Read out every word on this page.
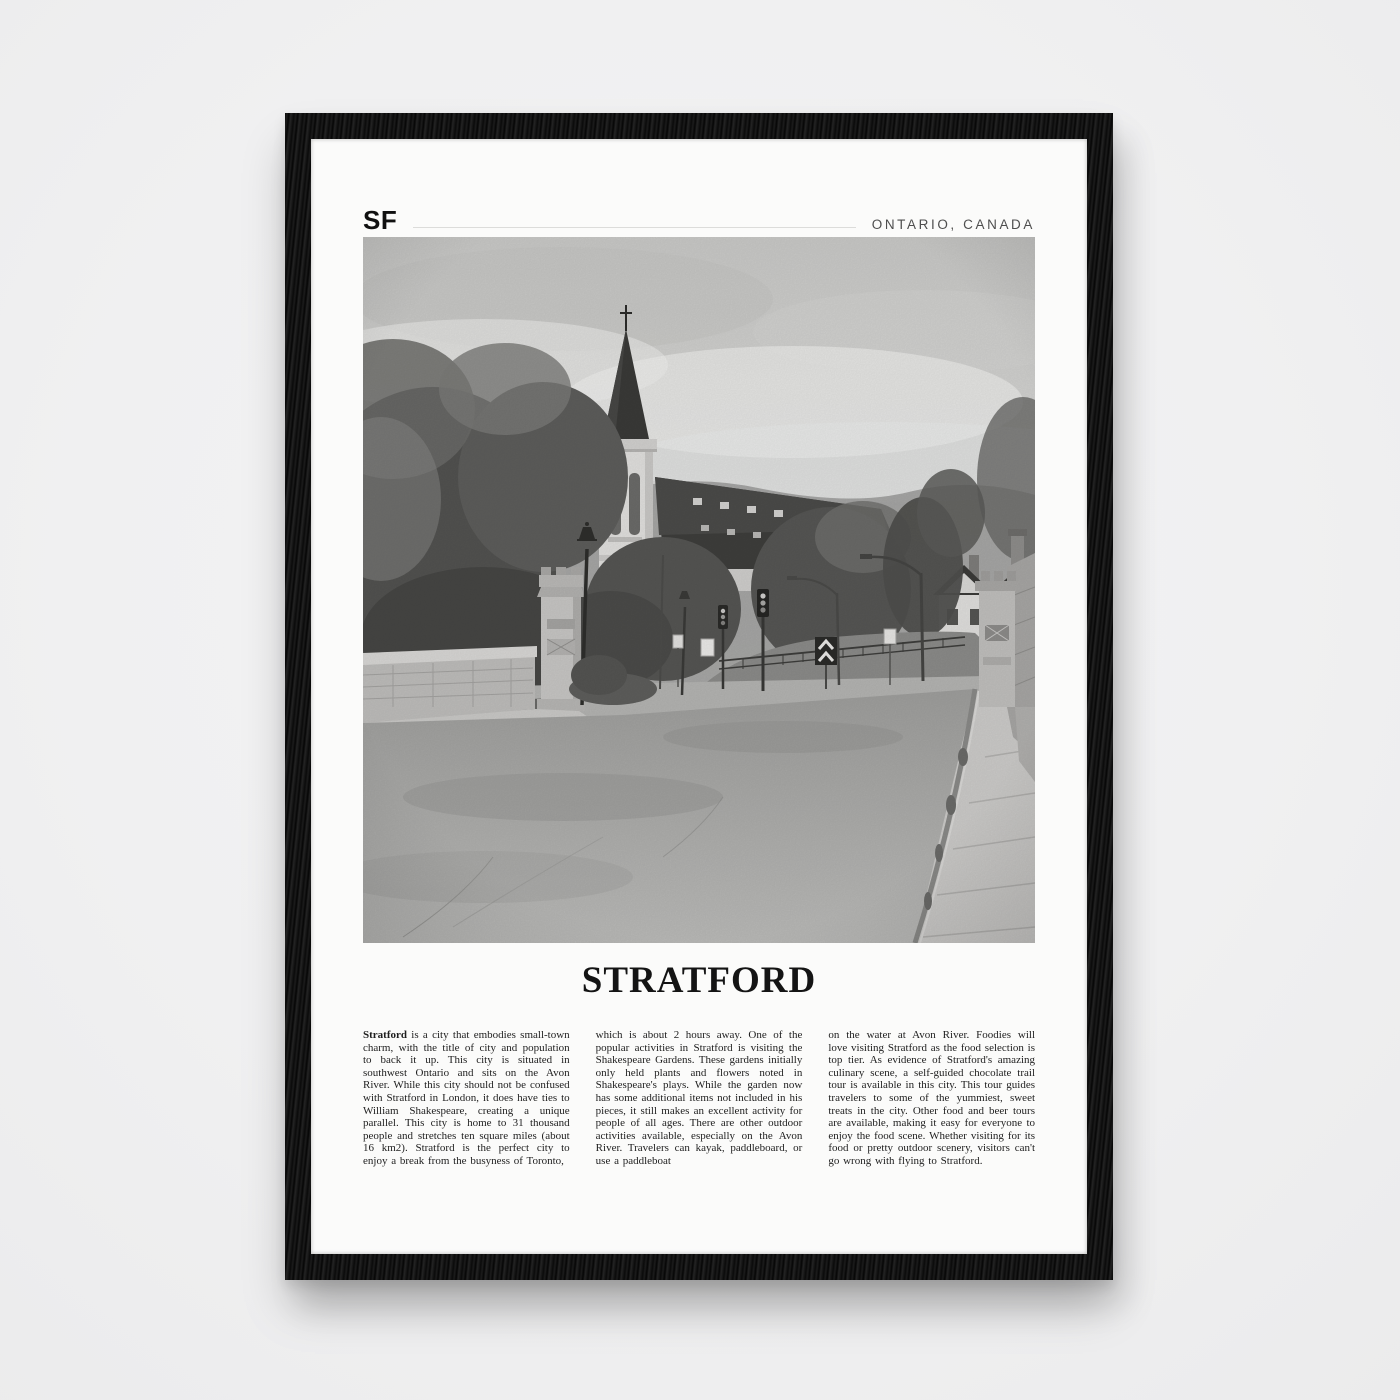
SF	ONTARIO, CANADA
STRATFORD
Stratford is a city that embodies small-town charm, with the title of city and population to back it up. This city is situated in southwest Ontario and sits on the Avon River. While this city should not be confused with Stratford in London, it does have ties to William Shakespeare, creating a unique parallel. This city is home to 31 thousand people and stretches ten square miles (about 16 km2). Stratford is the perfect city to enjoy a break from the busyness of Toronto,
which is about 2 hours away. One of the popular activities in Stratford is visiting the Shakespeare Gardens. These gardens initially only held plants and flowers noted in Shakespeare's plays. While the garden now has some additional items not included in his pieces, it still makes an excellent activity for people of all ages. There are other outdoor activities available, especially on the Avon River. Travelers can kayak, paddleboard, or use a paddleboat
on the water at Avon River. Foodies will love visiting Stratford as the food selection is top tier. As evidence of Stratford's amazing culinary scene, a self-guided chocolate trail tour is available in this city. This tour guides travelers to some of the yummiest, sweet treats in the city. Other food and beer tours are available, making it easy for everyone to enjoy the food scene. Whether visiting for its food or pretty outdoor scenery, visitors can't go wrong with flying to Stratford.
